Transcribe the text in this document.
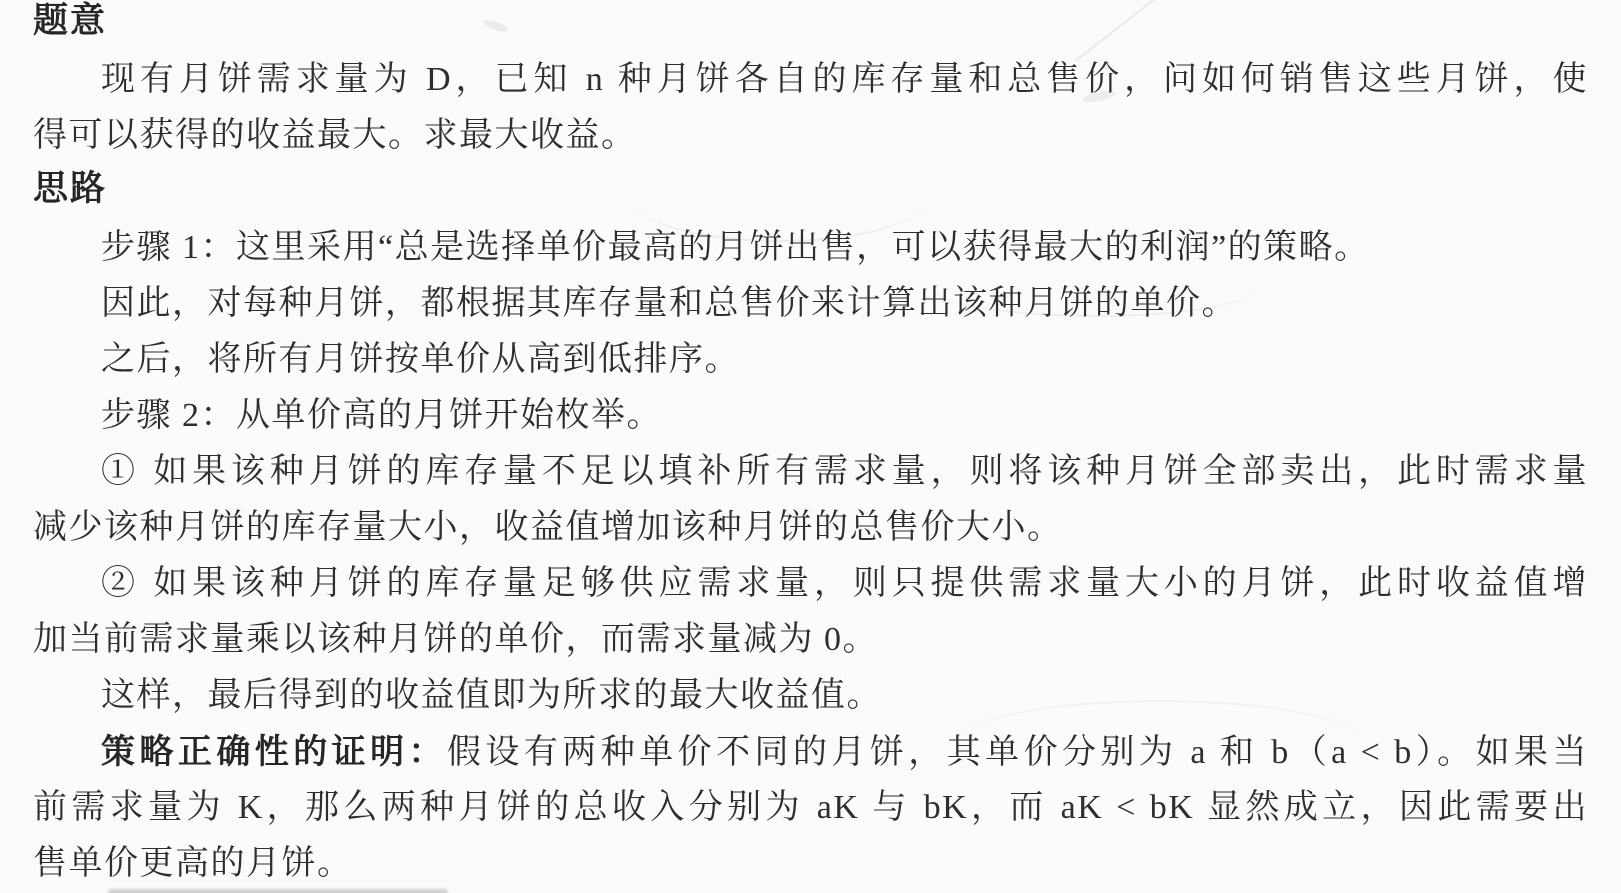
题意
现有月饼需求量为 D，已知 n 种月饼各自的库存量和总售价，问如何销售这些月饼，使
得可以获得的收益最大。求最大收益。
思路
步骤 1：这里采用“总是选择单价最高的月饼出售，可以获得最大的利润”的策略。
因此，对每种月饼，都根据其库存量和总售价来计算出该种月饼的单价。
之后，将所有月饼按单价从高到低排序。
步骤 2：从单价高的月饼开始枚举。
① 如果该种月饼的库存量不足以填补所有需求量，则将该种月饼全部卖出，此时需求量
减少该种月饼的库存量大小，收益值增加该种月饼的总售价大小。
② 如果该种月饼的库存量足够供应需求量，则只提供需求量大小的月饼，此时收益值增
加当前需求量乘以该种月饼的单价，而需求量减为 0。
这样，最后得到的收益值即为所求的最大收益值。
策略正确性的证明：假设有两种单价不同的月饼，其单价分别为 a 和 b（a < b）。如果当
前需求量为 K，那么两种月饼的总收入分别为 aK 与 bK，而 aK < bK 显然成立，因此需要出
售单价更高的月饼。
